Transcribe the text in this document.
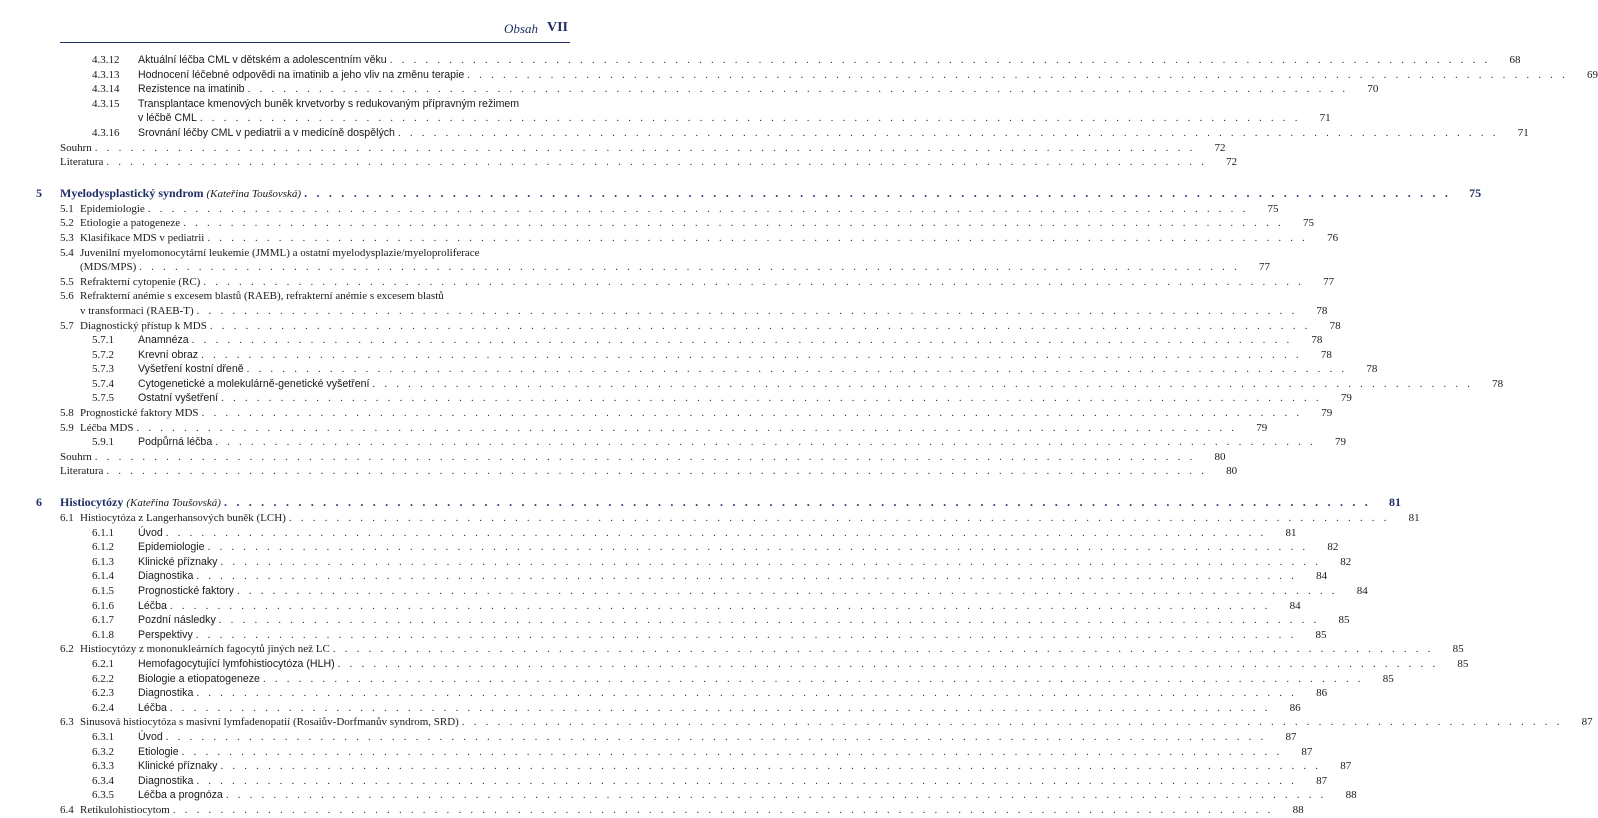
Obsah VII
4.3.12 Aktuální léčba CML v dětském a adolescentním věku . . . . . . . . . . . . . . . . . . . . . . . . . . . . . . . . . . . . . . . . . . . . . . . . . . . . . . . . . . . . . . . . . . . . . . . . . . . . . . . . . . . . . . . . . . . . .	68
4.3.13 Hodnocení léčebné odpovědi na imatinib a jeho vliv na změnu terapie . . . . . . . . . . . . . . . . . . . . . . . . . . . . . . . . . . . . . . . . . . . . . . . . . . . . . . . . . . . . . . . . . . . . . . . . . . . . . . . . . . . . . . . . . . . . .	69
4.3.14 Rezistence na imatinib . . . . . . . . . . . . . . . . . . . . . . . . . . . . . . . . . . . . . . . . . . . . . . . . . . . . . . . . . . . . . . . . . . . . . . . . . . . . . . . . . . . . . . . . . . . . .	70
4.3.15 Transplantace kmenových buněk krvetvorby s redukovaným přípravným režimem
v léčbě CML . . . . . . . . . . . . . . . . . . . . . . . . . . . . . . . . . . . . . . . . . . . . . . . . . . . . . . . . . . . . . . . . . . . . . . . . . . . . . . . . . . . . . . . . . . . . .	71
4.3.16 Srovnání léčby CML v pediatrii a v medicíně dospělých . . . . . . . . . . . . . . . . . . . . . . . . . . . . . . . . . . . . . . . . . . . . . . . . . . . . . . . . . . . . . . . . . . . . . . . . . . . . . . . . . . . . . . . . . . . . .	71
Souhrn . . . . . . . . . . . . . . . . . . . . . . . . . . . . . . . . . . . . . . . . . . . . . . . . . . . . . . . . . . . . . . . . . . . . . . . . . . . . . . . . . . . . . . . . . . . . .	72
Literatura . . . . . . . . . . . . . . . . . . . . . . . . . . . . . . . . . . . . . . . . . . . . . . . . . . . . . . . . . . . . . . . . . . . . . . . . . . . . . . . . . . . . . . . . . . . . .	72
5 Myelodysplastický syndrom (Kateřina Toušovská) . . . . . . . . . . . . . . . . . . . . . . . . . . . . . . . . . . . . . . . . . . . . . . . . . . . . . . . . . . . . . . . . . . . . . . . . . . . . . . . . . . . . . . . . . . . . .	75
5.1 Epidemiologie . . . . . . . . . . . . . . . . . . . . . . . . . . . . . . . . . . . . . . . . . . . . . . . . . . . . . . . . . . . . . . . . . . . . . . . . . . . . . . . . . . . . . . . . . . . . .	75
5.2 Etiologie a patogeneze . . . . . . . . . . . . . . . . . . . . . . . . . . . . . . . . . . . . . . . . . . . . . . . . . . . . . . . . . . . . . . . . . . . . . . . . . . . . . . . . . . . . . . . . . . . . .	75
5.3 Klasifikace MDS v pediatrii . . . . . . . . . . . . . . . . . . . . . . . . . . . . . . . . . . . . . . . . . . . . . . . . . . . . . . . . . . . . . . . . . . . . . . . . . . . . . . . . . . . . . . . . . . . . .	76
5.4 Juvenilní myelomonocytární leukemie (JMML) a ostatní myelodysplazie/myeloproliferace
(MDS/MPS) . . . . . . . . . . . . . . . . . . . . . . . . . . . . . . . . . . . . . . . . . . . . . . . . . . . . . . . . . . . . . . . . . . . . . . . . . . . . . . . . . . . . . . . . . . . . .	77
5.5 Refrakterní cytopenie (RC) . . . . . . . . . . . . . . . . . . . . . . . . . . . . . . . . . . . . . . . . . . . . . . . . . . . . . . . . . . . . . . . . . . . . . . . . . . . . . . . . . . . . . . . . . . . . .	77
5.6 Refrakterní anémie s excesem blastů (RAEB), refrakterní anémie s excesem blastů
v transformaci (RAEB-T) . . . . . . . . . . . . . . . . . . . . . . . . . . . . . . . . . . . . . . . . . . . . . . . . . . . . . . . . . . . . . . . . . . . . . . . . . . . . . . . . . . . . . . . . . . . . .	78
5.7 Diagnostický přístup k MDS . . . . . . . . . . . . . . . . . . . . . . . . . . . . . . . . . . . . . . . . . . . . . . . . . . . . . . . . . . . . . . . . . . . . . . . . . . . . . . . . . . . . . . . . . . . . .	78
5.7.1 Anamnéza . . . . . . . . . . . . . . . . . . . . . . . . . . . . . . . . . . . . . . . . . . . . . . . . . . . . . . . . . . . . . . . . . . . . . . . . . . . . . . . . . . . . . . . . . . . . .	78
5.7.2 Krevní obraz . . . . . . . . . . . . . . . . . . . . . . . . . . . . . . . . . . . . . . . . . . . . . . . . . . . . . . . . . . . . . . . . . . . . . . . . . . . . . . . . . . . . . . . . . . . . .	78
5.7.3 Vyšetření kostní dřeně . . . . . . . . . . . . . . . . . . . . . . . . . . . . . . . . . . . . . . . . . . . . . . . . . . . . . . . . . . . . . . . . . . . . . . . . . . . . . . . . . . . . . . . . . . . . .	78
5.7.4 Cytogenetické a molekulárně-genetické vyšetření . . . . . . . . . . . . . . . . . . . . . . . . . . . . . . . . . . . . . . . . . . . . . . . . . . . . . . . . . . . . . . . . . . . . . . . . . . . . . . . . . . . . . . . . . . . . .	78
5.7.5 Ostatní vyšetření . . . . . . . . . . . . . . . . . . . . . . . . . . . . . . . . . . . . . . . . . . . . . . . . . . . . . . . . . . . . . . . . . . . . . . . . . . . . . . . . . . . . . . . . . . . . .	79
5.8 Prognostické faktory MDS . . . . . . . . . . . . . . . . . . . . . . . . . . . . . . . . . . . . . . . . . . . . . . . . . . . . . . . . . . . . . . . . . . . . . . . . . . . . . . . . . . . . . . . . . . . . .	79
5.9 Léčba MDS . . . . . . . . . . . . . . . . . . . . . . . . . . . . . . . . . . . . . . . . . . . . . . . . . . . . . . . . . . . . . . . . . . . . . . . . . . . . . . . . . . . . . . . . . . . . .	79
5.9.1 Podpůrná léčba . . . . . . . . . . . . . . . . . . . . . . . . . . . . . . . . . . . . . . . . . . . . . . . . . . . . . . . . . . . . . . . . . . . . . . . . . . . . . . . . . . . . . . . . . . . . .	79
Souhrn . . . . . . . . . . . . . . . . . . . . . . . . . . . . . . . . . . . . . . . . . . . . . . . . . . . . . . . . . . . . . . . . . . . . . . . . . . . . . . . . . . . . . . . . . . . . .	80
Literatura . . . . . . . . . . . . . . . . . . . . . . . . . . . . . . . . . . . . . . . . . . . . . . . . . . . . . . . . . . . . . . . . . . . . . . . . . . . . . . . . . . . . . . . . . . . . .	80
6 Histiocytózy (Kateřina Toušovská) . . . . . . . . . . . . . . . . . . . . . . . . . . . . . . . . . . . . . . . . . . . . . . . . . . . . . . . . . . . . . . . . . . . . . . . . . . . . . . . . . . . . . . . . . . . . .	81
6.1 Histiocytóza z Langerhansových buněk (LCH) . . . . . . . . . . . . . . . . . . . . . . . . . . . . . . . . . . . . . . . . . . . . . . . . . . . . . . . . . . . . . . . . . . . . . . . . . . . . . . . . . . . . . . . . . . . . .	81
6.1.1 Úvod . . . . . . . . . . . . . . . . . . . . . . . . . . . . . . . . . . . . . . . . . . . . . . . . . . . . . . . . . . . . . . . . . . . . . . . . . . . . . . . . . . . . . . . . . . . . .	81
6.1.2 Epidemiologie . . . . . . . . . . . . . . . . . . . . . . . . . . . . . . . . . . . . . . . . . . . . . . . . . . . . . . . . . . . . . . . . . . . . . . . . . . . . . . . . . . . . . . . . . . . . .	82
6.1.3 Klinické příznaky . . . . . . . . . . . . . . . . . . . . . . . . . . . . . . . . . . . . . . . . . . . . . . . . . . . . . . . . . . . . . . . . . . . . . . . . . . . . . . . . . . . . . . . . . . . . .	82
6.1.4 Diagnostika . . . . . . . . . . . . . . . . . . . . . . . . . . . . . . . . . . . . . . . . . . . . . . . . . . . . . . . . . . . . . . . . . . . . . . . . . . . . . . . . . . . . . . . . . . . . .	84
6.1.5 Prognostické faktory . . . . . . . . . . . . . . . . . . . . . . . . . . . . . . . . . . . . . . . . . . . . . . . . . . . . . . . . . . . . . . . . . . . . . . . . . . . . . . . . . . . . . . . . . . . . .	84
6.1.6 Léčba . . . . . . . . . . . . . . . . . . . . . . . . . . . . . . . . . . . . . . . . . . . . . . . . . . . . . . . . . . . . . . . . . . . . . . . . . . . . . . . . . . . . . . . . . . . . .	84
6.1.7 Pozdní následky . . . . . . . . . . . . . . . . . . . . . . . . . . . . . . . . . . . . . . . . . . . . . . . . . . . . . . . . . . . . . . . . . . . . . . . . . . . . . . . . . . . . . . . . . . . . .	85
6.1.8 Perspektivy . . . . . . . . . . . . . . . . . . . . . . . . . . . . . . . . . . . . . . . . . . . . . . . . . . . . . . . . . . . . . . . . . . . . . . . . . . . . . . . . . . . . . . . . . . . . .	85
6.2 Histiocytózy z mononukleárních fagocytů jiných než LC . . . . . . . . . . . . . . . . . . . . . . . . . . . . . . . . . . . . . . . . . . . . . . . . . . . . . . . . . . . . . . . . . . . . . . . . . . . . . . . . . . . . . . . . . . . . .	85
6.2.1 Hemofagocytující lymfohistiocytóza (HLH) . . . . . . . . . . . . . . . . . . . . . . . . . . . . . . . . . . . . . . . . . . . . . . . . . . . . . . . . . . . . . . . . . . . . . . . . . . . . . . . . . . . . . . . . . . . . .	85
6.2.2 Biologie a etiopatogeneze . . . . . . . . . . . . . . . . . . . . . . . . . . . . . . . . . . . . . . . . . . . . . . . . . . . . . . . . . . . . . . . . . . . . . . . . . . . . . . . . . . . . . . . . . . . . .	85
6.2.3 Diagnostika . . . . . . . . . . . . . . . . . . . . . . . . . . . . . . . . . . . . . . . . . . . . . . . . . . . . . . . . . . . . . . . . . . . . . . . . . . . . . . . . . . . . . . . . . . . . .	86
6.2.4 Léčba . . . . . . . . . . . . . . . . . . . . . . . . . . . . . . . . . . . . . . . . . . . . . . . . . . . . . . . . . . . . . . . . . . . . . . . . . . . . . . . . . . . . . . . . . . . . .	86
6.3 Sinusová histiocytóza s masivní lymfadenopatií (Rosaiův-Dorfmanův syndrom, SRD) . . . . . . . . . . . . . . . . . . . . . . . . . . . . . . . . . . . . . . . . . . . . . . . . . . . . . . . . . . . . . . . . . . . . . . . . . . . . . . . . . . . . . . . . . . . . .	87
6.3.1 Úvod . . . . . . . . . . . . . . . . . . . . . . . . . . . . . . . . . . . . . . . . . . . . . . . . . . . . . . . . . . . . . . . . . . . . . . . . . . . . . . . . . . . . . . . . . . . . .	87
6.3.2 Etiologie . . . . . . . . . . . . . . . . . . . . . . . . . . . . . . . . . . . . . . . . . . . . . . . . . . . . . . . . . . . . . . . . . . . . . . . . . . . . . . . . . . . . . . . . . . . . .	87
6.3.3 Klinické příznaky . . . . . . . . . . . . . . . . . . . . . . . . . . . . . . . . . . . . . . . . . . . . . . . . . . . . . . . . . . . . . . . . . . . . . . . . . . . . . . . . . . . . . . . . . . . . .	87
6.3.4 Diagnostika . . . . . . . . . . . . . . . . . . . . . . . . . . . . . . . . . . . . . . . . . . . . . . . . . . . . . . . . . . . . . . . . . . . . . . . . . . . . . . . . . . . . . . . . . . . . .	87
6.3.5 Léčba a prognóza . . . . . . . . . . . . . . . . . . . . . . . . . . . . . . . . . . . . . . . . . . . . . . . . . . . . . . . . . . . . . . . . . . . . . . . . . . . . . . . . . . . . . . . . . . . . .	88
6.4 Retikulohistiocytom . . . . . . . . . . . . . . . . . . . . . . . . . . . . . . . . . . . . . . . . . . . . . . . . . . . . . . . . . . . . . . . . . . . . . . . . . . . . . . . . . . . . . . . . . . . . .	88
